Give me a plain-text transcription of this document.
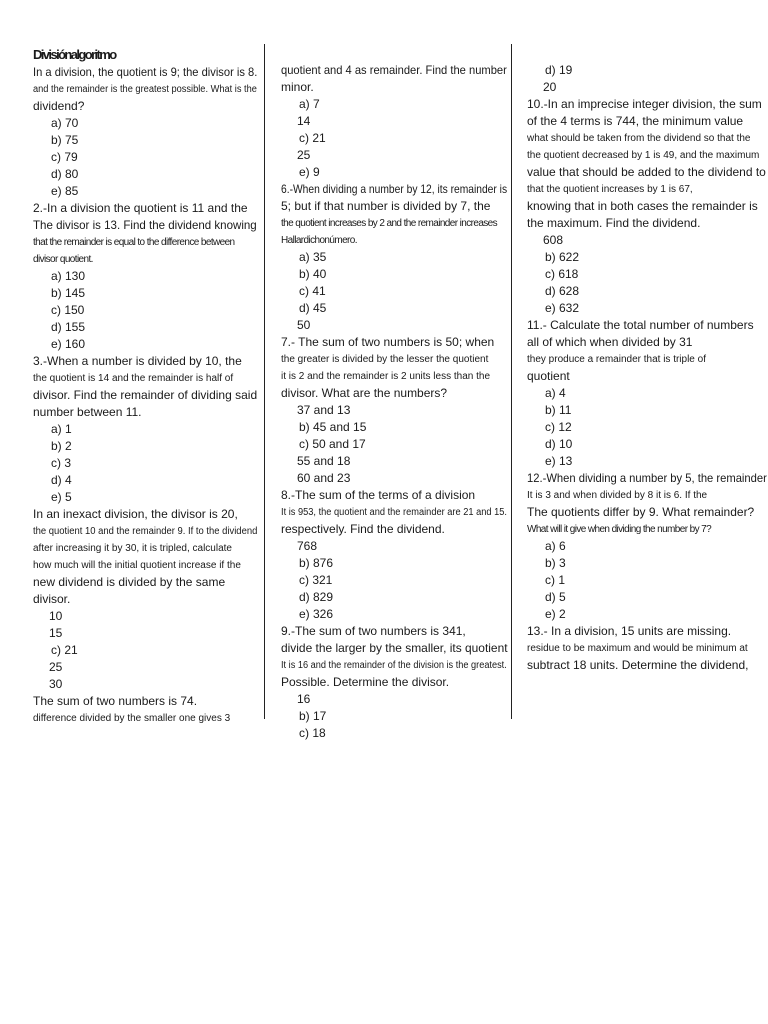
Divisiónalgoritmo
In a division, the quotient is 9; the divisor is 8.
and the remainder is the greatest possible. What is the
dividend?
a) 70
b) 75
c) 79
d) 80
e) 85
2.-In a division the quotient is 11 and the
The divisor is 13. Find the dividend knowing
that the remainder is equal to the difference between
divisor quotient.
a) 130
b) 145
c) 150
d) 155
e) 160
3.-When a number is divided by 10, the
the quotient is 14 and the remainder is half of
divisor. Find the remainder of dividing said
number between 11.
a) 1
b) 2
c) 3
d) 4
e) 5
In an inexact division, the divisor is 20,
the quotient 10 and the remainder 9. If to the dividend
after increasing it by 30, it is tripled, calculate
how much will the initial quotient increase if the
new dividend is divided by the same
divisor.
10
15
c) 21
25
30
The sum of two numbers is 74.
difference divided by the smaller one gives 3
quotient and 4 as remainder. Find the number
minor.
a) 7
14
c) 21
25
e) 9
6.-When dividing a number by 12, its remainder is
5; but if that number is divided by 7, the
the quotient increases by 2 and the remainder increases
Hallardichonúmero.
a) 35
b) 40
c) 41
d) 45
50
7.- The sum of two numbers is 50; when
the greater is divided by the lesser the quotient
it is 2 and the remainder is 2 units less than the
divisor. What are the numbers?
37 and 13
b) 45 and 15
c) 50 and 17
55 and 18
60 and 23
8.-The sum of the terms of a division
It is 953, the quotient and the remainder are 21 and 15.
respectively. Find the dividend.
768
b) 876
c) 321
d) 829
e) 326
9.-The sum of two numbers is 341,
divide the larger by the smaller, its quotient
It is 16 and the remainder of the division is the greatest.
Possible. Determine the divisor.
16
b) 17
c) 18
d) 19
20
10.-In an imprecise integer division, the sum
of the 4 terms is 744, the minimum value
what should be taken from the dividend so that the
the quotient decreased by 1 is 49, and the maximum
value that should be added to the dividend to
that the quotient increases by 1 is 67,
knowing that in both cases the remainder is
the maximum. Find the dividend.
608
b) 622
c) 618
d) 628
e) 632
11.- Calculate the total number of numbers
all of which when divided by 31
they produce a remainder that is triple of
quotient
a) 4
b) 11
c) 12
d) 10
e) 13
12.-When dividing a number by 5, the remainder
It is 3 and when divided by 8 it is 6. If the
The quotients differ by 9. What remainder?
What will it give when dividing the number by 7?
a) 6
b) 3
c) 1
d) 5
e) 2
13.- In a division, 15 units are missing.
residue to be maximum and would be minimum at
subtract 18 units. Determine the dividend,
